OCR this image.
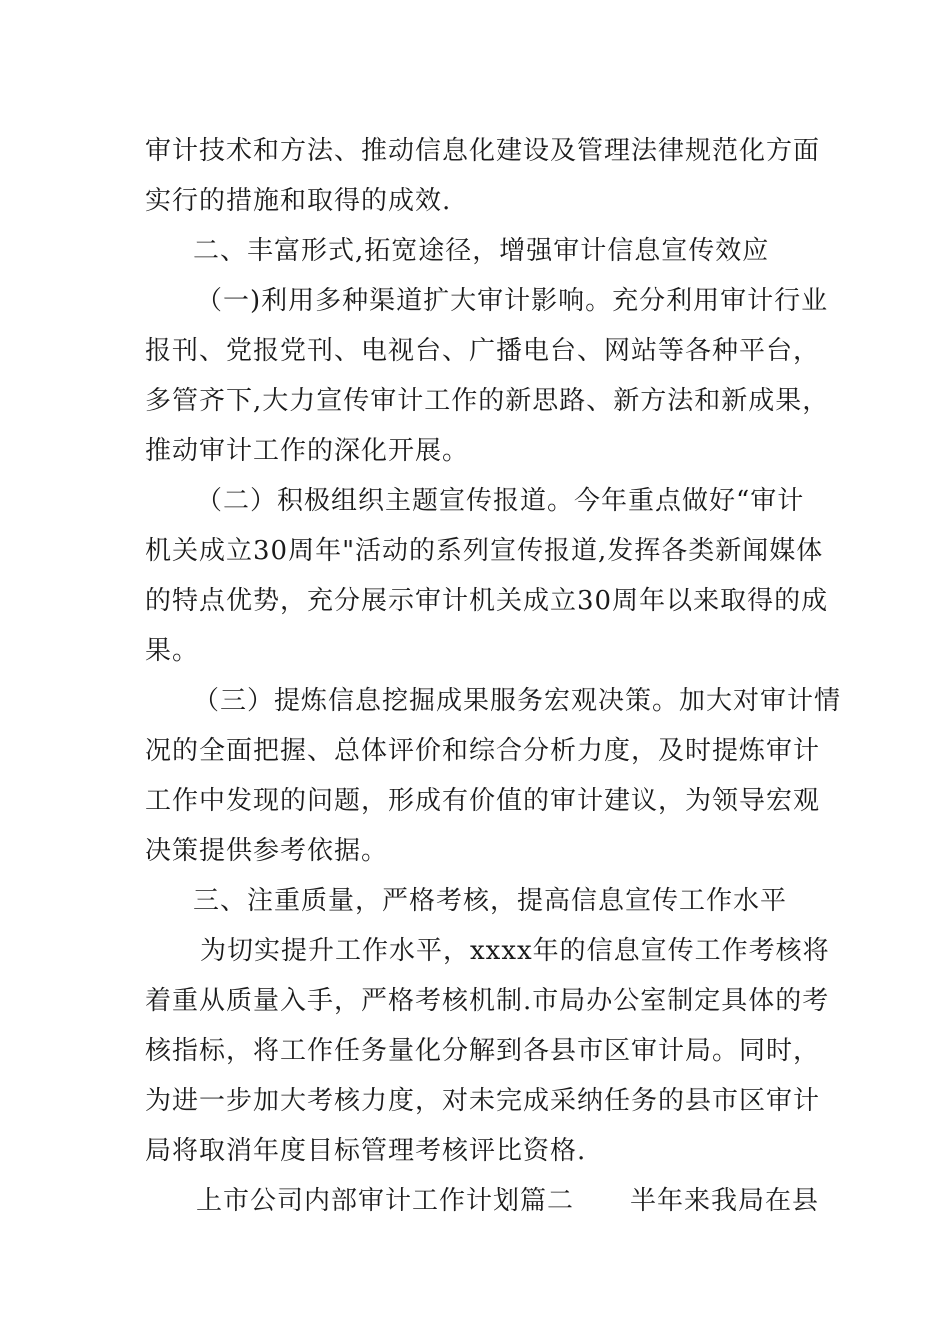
审计技术和方法、推动信息化建设及管理法律规范化方面
实行的措施和取得的成效.
二、丰富形式,拓宽途径，增强审计信息宣传效应
（一)利用多种渠道扩大审计影响。充分利用审计行业
报刊、党报党刊、电视台、广播电台、网站等各种平台，
多管齐下,大力宣传审计工作的新思路、新方法和新成果，
推动审计工作的深化开展。
（二）积极组织主题宣传报道。今年重点做好“审计
机关成立30周年"活动的系列宣传报道,发挥各类新闻媒体
的特点优势，充分展示审计机关成立30周年以来取得的成
果。
（三）提炼信息挖掘成果服务宏观决策。加大对审计情
况的全面把握、总体评价和综合分析力度，及时提炼审计
工作中发现的问题，形成有价值的审计建议，为领导宏观
决策提供参考依据。
三、注重质量，严格考核，提高信息宣传工作水平
为切实提升工作水平，xxxx年的信息宣传工作考核将
着重从质量入手，严格考核机制.市局办公室制定具体的考
核指标，将工作任务量化分解到各县市区审计局。同时，
为进一步加大考核力度，对未完成采纳任务的县市区审计
局将取消年度目标管理考核评比资格.
上市公司内部审计工作计划篇二 半年来我局在县
